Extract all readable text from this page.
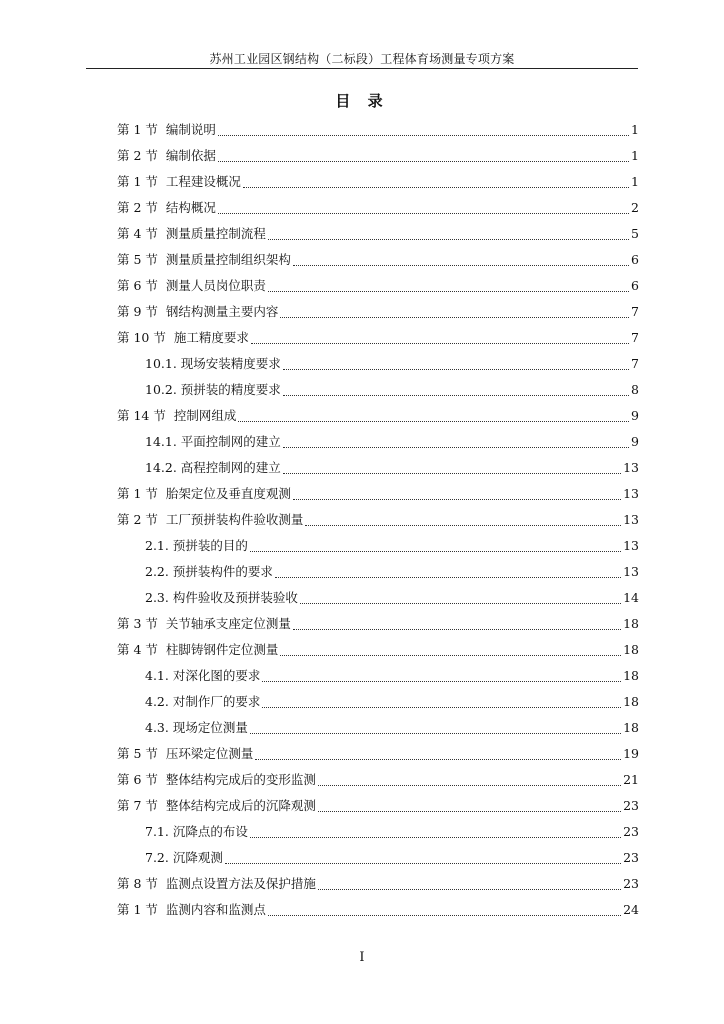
苏州工业园区钢结构（二标段）工程体育场测量专项方案
目 录
第 1 节 编制说明	1
第 2 节 编制依据	1
第 1 节 工程建设概况	1
第 2 节 结构概况	2
第 4 节 测量质量控制流程	5
第 5 节 测量质量控制组织架构	6
第 6 节 测量人员岗位职责	6
第 9 节 钢结构测量主要内容	7
第 10 节 施工精度要求	7
10.1. 现场安装精度要求	7
10.2. 预拼装的精度要求	8
第 14 节 控制网组成	9
14.1. 平面控制网的建立	9
14.2. 高程控制网的建立	13
第 1 节 胎架定位及垂直度观测	13
第 2 节 工厂预拼装构件验收测量	13
2.1. 预拼装的目的	13
2.2. 预拼装构件的要求	13
2.3. 构件验收及预拼装验收	14
第 3 节 关节轴承支座定位测量	18
第 4 节 柱脚铸钢件定位测量	18
4.1. 对深化图的要求	18
4.2. 对制作厂的要求	18
4.3. 现场定位测量	18
第 5 节 压环梁定位测量	19
第 6 节 整体结构完成后的变形监测	21
第 7 节 整体结构完成后的沉降观测	23
7.1. 沉降点的布设	23
7.2. 沉降观测	23
第 8 节 监测点设置方法及保护措施	23
第 1 节 监测内容和监测点	24
I
